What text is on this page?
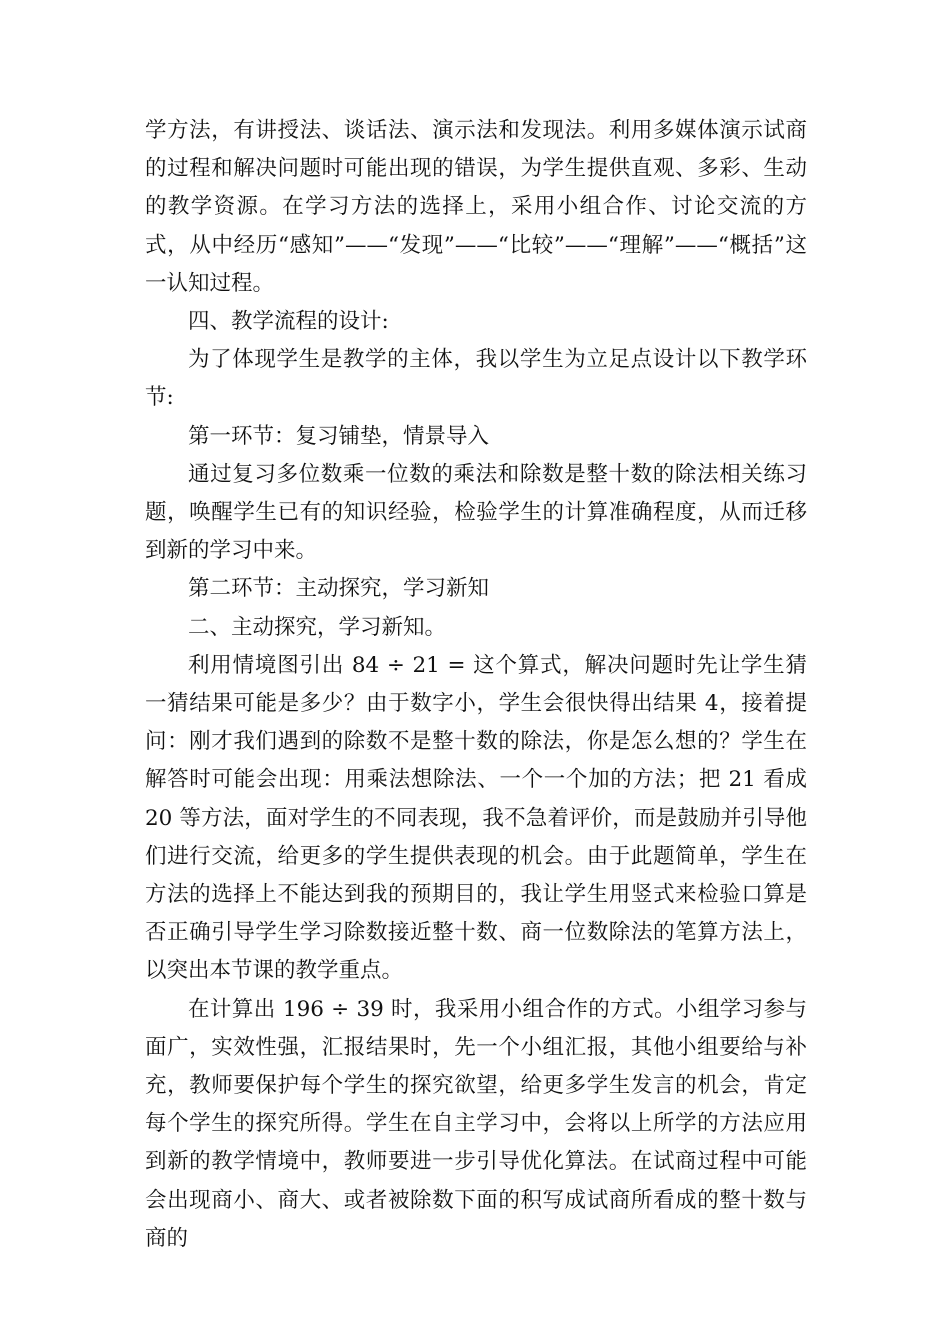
学方法，有讲授法、谈话法、演示法和发现法。利用多媒体演示试商的过程和解决问题时可能出现的错误，为学生提供直观、多彩、生动的教学资源。在学习方法的选择上，采用小组合作、讨论交流的方式，从中经历“感知”——“发现”——“比较”——“理解”——“概括”这一认知过程。

四、教学流程的设计:

为了体现学生是教学的主体，我以学生为立足点设计以下教学环节:

第一环节：复习铺垫，情景导入

通过复习多位数乘一位数的乘法和除数是整十数的除法相关练习题，唤醒学生已有的知识经验，检验学生的计算准确程度，从而迁移到新的学习中来。

第二环节：主动探究，学习新知

二、主动探究，学习新知。

利用情境图引出 84 ÷ 21 = 这个算式，解决问题时先让学生猜一猜结果可能是多少？由于数字小，学生会很快得出结果 4，接着提问：刚才我们遇到的除数不是整十数的除法，你是怎么想的？学生在解答时可能会出现：用乘法想除法、一个一个加的方法；把 21 看成 20 等方法，面对学生的不同表现，我不急着评价，而是鼓励并引导他们进行交流，给更多的学生提供表现的机会。由于此题简单，学生在方法的选择上不能达到我的预期目的，我让学生用竖式来检验口算是否正确引导学生学习除数接近整十数、商一位数除法的笔算方法上，以突出本节课的教学重点。

在计算出 196 ÷ 39 时，我采用小组合作的方式。小组学习参与面广，实效性强，汇报结果时，先一个小组汇报，其他小组要给与补充，教师要保护每个学生的探究欲望，给更多学生发言的机会，肯定每个学生的探究所得。学生在自主学习中，会将以上所学的方法应用到新的教学情境中，教师要进一步引导优化算法。在试商过程中可能会出现商小、商大、或者被除数下面的积写成试商所看成的整十数与商的
